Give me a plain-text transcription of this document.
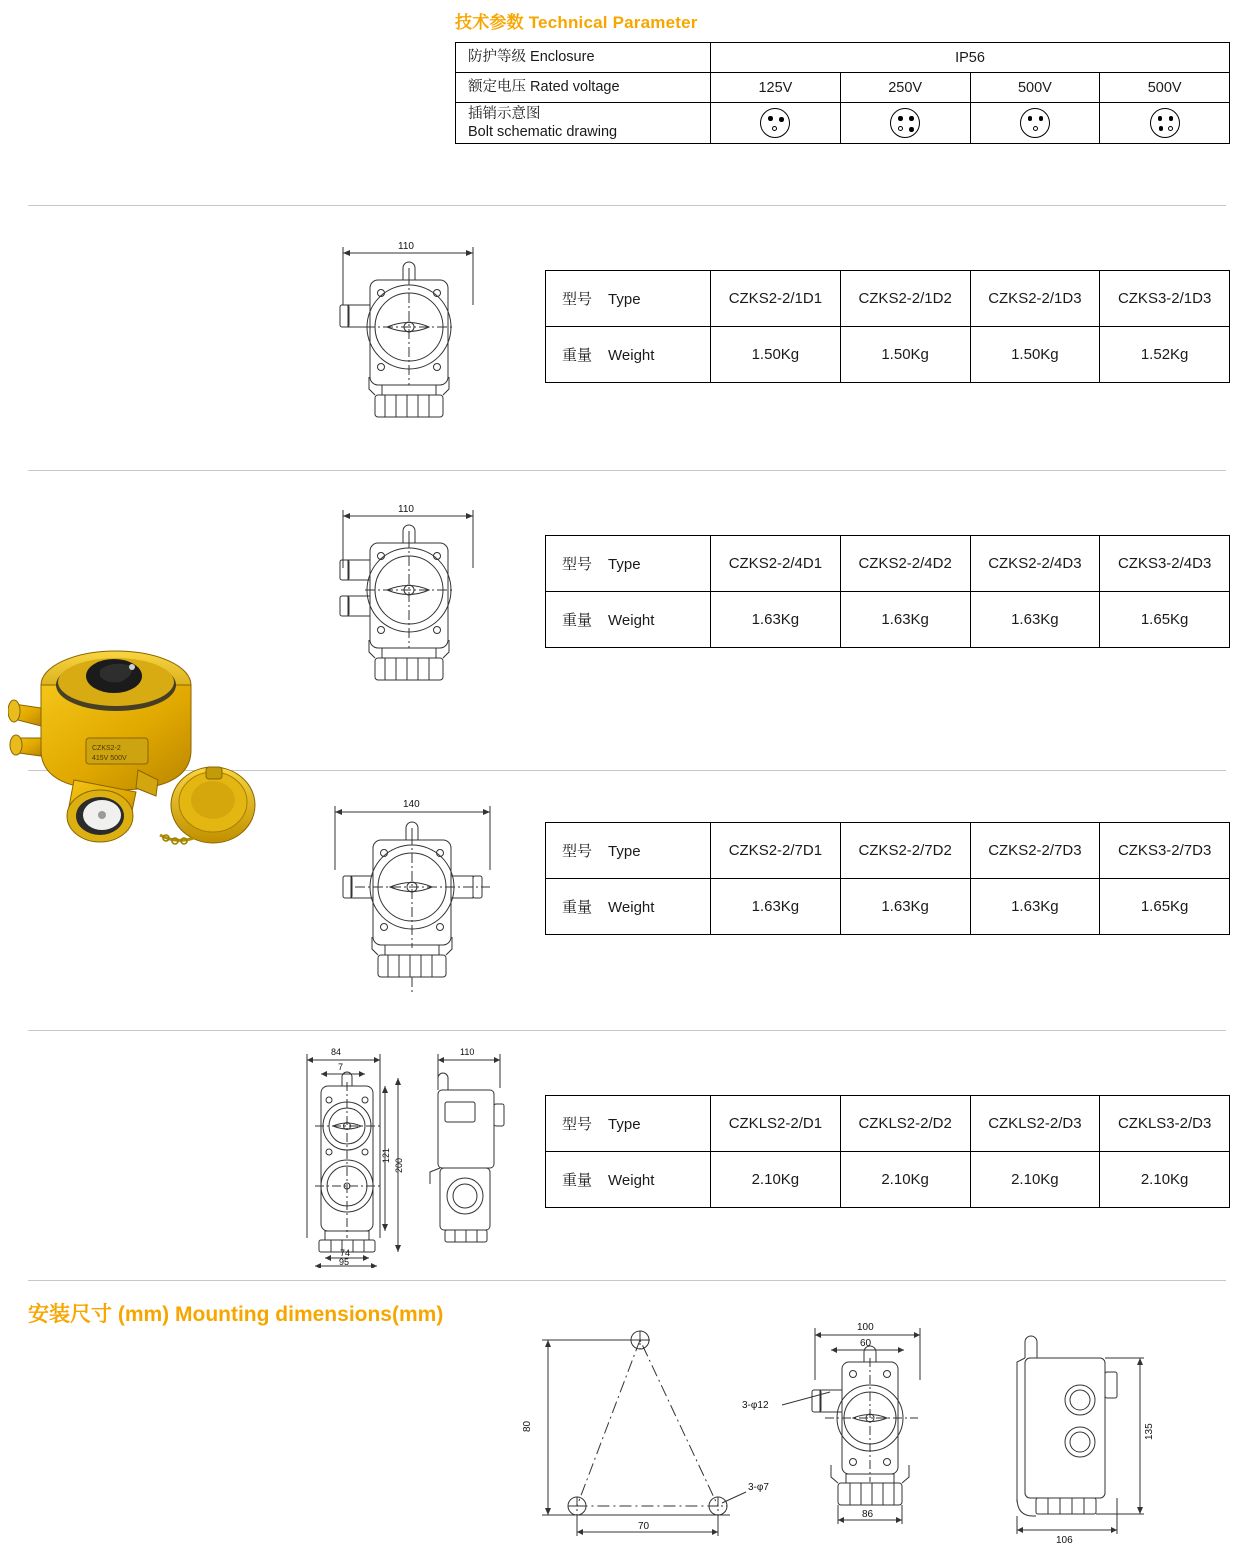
技术参数 Technical Parameter
防护等级 Enclosure	IP56			
额定电压 Rated voltage	125V	250V	500V	500V

插销示意图
Bolt schematic drawing				

CZKS2-2
415V 500V
110
型号 Type	CZKS2-2/1D1	CZKS2-2/1D2	CZKS2-2/1D3	CZKS3-2/1D3
重量 Weight	1.50Kg	1.50Kg	1.50Kg	1.52Kg
110
型号 Type	CZKS2-2/4D1	CZKS2-2/4D2	CZKS2-2/4D3	CZKS3-2/4D3
重量 Weight	1.63Kg	1.63Kg	1.63Kg	1.65Kg
140
型号 Type	CZKS2-2/7D1	CZKS2-2/7D2	CZKS2-2/7D3	CZKS3-2/7D3
重量 Weight	1.63Kg	1.63Kg	1.63Kg	1.65Kg
84
7
121
200
74
95
110
型号 Type	CZKLS2-2/D1	CZKLS2-2/D2	CZKLS2-2/D3	CZKLS3-2/D3
重量 Weight	2.10Kg	2.10Kg	2.10Kg	2.10Kg
安装尺寸 (mm) Mounting dimensions(mm)
80
70
3-φ7
100
60
3-φ12
86
135
106
